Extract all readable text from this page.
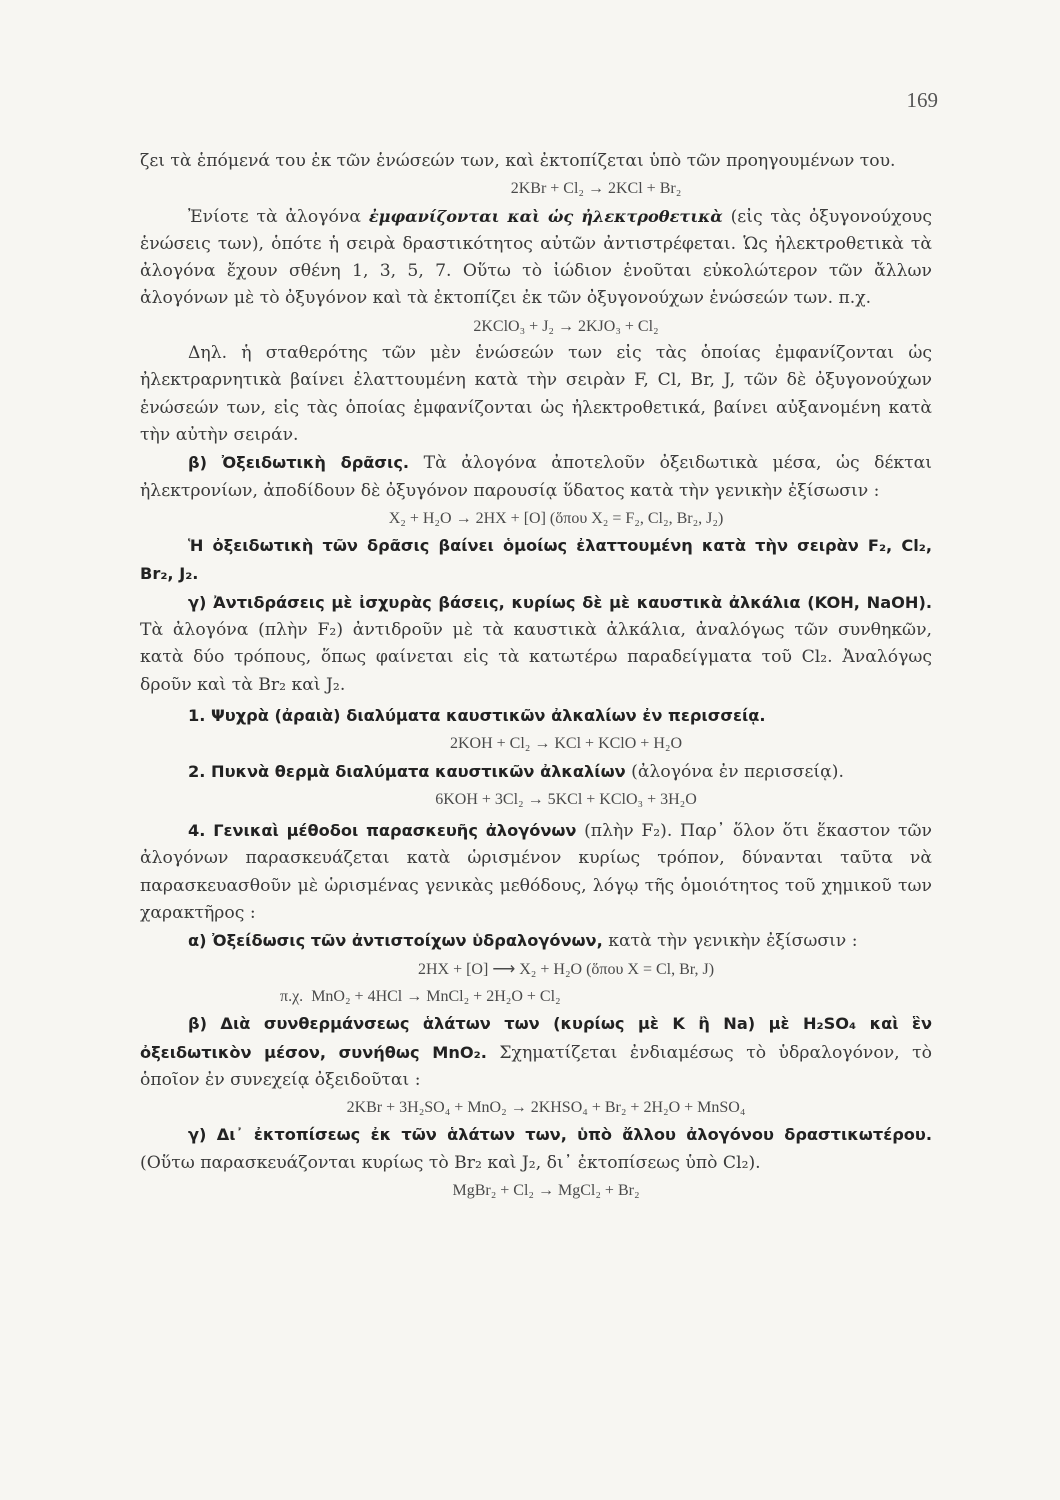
169

ζει τὰ ἑπόμενά του ἐκ τῶν ἑνώσεών των, καὶ ἐκτοπίζεται ὑπὸ τῶν προηγουμένων του.

2KBr + Cl₂ → 2KCl + Br₂

Ἐνίοτε τὰ ἀλογόνα ἐμφανίζονται καὶ ὡς ἠλεκτροθετικὰ (εἰς τὰς ὀξυγονούχους ἑνώσεις των), ὁπότε ἡ σειρὰ δραστικότητος αὐτῶν ἀντιστρέφεται. Ὡς ἠλεκτροθετικὰ τὰ ἀλογόνα ἔχουν σθένη 1, 3, 5, 7. Οὕτω τὸ ἰώδιον ἑνοῦται εὐκολώτερον τῶν ἄλλων ἀλογόνων μὲ τὸ ὀξυγόνον καὶ τὰ ἐκτοπίζει ἐκ τῶν ὀξυγονούχων ἑνώσεών των. π.χ.

2KClO₃ + J₂ → 2KJO₃ + Cl₂

Δηλ. ἡ σταθερότης τῶν μὲν ἑνώσεών των εἰς τὰς ὁποίας ἐμφανίζονται ὡς ἠλεκτραρνητικὰ βαίνει ἐλαττουμένη κατὰ τὴν σειρὰν F, Cl, Br, J, τῶν δὲ ὀξυγονούχων ἑνώσεών των, εἰς τὰς ὁποίας ἐμφανίζονται ὡς ἠλεκτροθετικά, βαίνει αὐξανομένη κατὰ τὴν αὐτὴν σειράν.

β) Ὀξειδωτικὴ δρᾶσις. Τὰ ἀλογόνα ἀποτελοῦν ὀξειδωτικὰ μέσα, ὡς δέκται ἠλεκτρονίων, ἀποδίδουν δὲ ὀξυγόνον παρουσίᾳ ὕδατος κατὰ τὴν γενικὴν ἐξίσωσιν :

X₂ + H₂O → 2HX + [O] (ὅπου X₂ = F₂, Cl₂, Br₂, J₂)

Ἡ ὀξειδωτικὴ τῶν δρᾶσις βαίνει ὁμοίως ἐλαττουμένη κατὰ τὴν σειρὰν F₂, Cl₂, Br₂, J₂.

γ) Ἀντιδράσεις μὲ ἰσχυρὰς βάσεις, κυρίως δὲ μὲ καυστικὰ ἀλκάλια (KOH, NaOH). Τὰ ἀλογόνα (πλὴν F₂) ἀντιδροῦν μὲ τὰ καυστικὰ ἀλκάλια, ἀναλόγως τῶν συνθηκῶν, κατὰ δύο τρόπους, ὅπως φαίνεται εἰς τὰ κατωτέρω παραδείγματα τοῦ Cl₂. Ἀναλόγως δροῦν καὶ τὰ Br₂ καὶ J₂.

1. Ψυχρὰ (ἀραιὰ) διαλύματα καυστικῶν ἀλκαλίων ἐν περισσείᾳ.

2KOH + Cl₂ → KCl + KClO + H₂O

2. Πυκνὰ θερμὰ διαλύματα καυστικῶν ἀλκαλίων (ἀλογόνα ἐν περισσείᾳ).

6KOH + 3Cl₂ → 5KCl + KClO₃ + 3H₂O

4. Γενικαὶ μέθοδοι παρασκευῆς ἀλογόνων (πλὴν F₂). Παρ᾽ ὅλον ὅτι ἕκαστον τῶν ἀλογόνων παρασκευάζεται κατὰ ὡρισμένον κυρίως τρόπον, δύνανται ταῦτα νὰ παρασκευασθοῦν μὲ ὡρισμένας γενικὰς μεθόδους, λόγῳ τῆς ὁμοιότητος τοῦ χημικοῦ των χαρακτῆρος :

α) Ὀξείδωσις τῶν ἀντιστοίχων ὑδραλογόνων, κατὰ τὴν γενικὴν ἐξίσωσιν :

2HX + [O] ⟶ X₂ + H₂O (ὅπου X = Cl, Br, J)
π.χ. MnO₂ + 4HCl → MnCl₂ + 2H₂O + Cl₂

β) Διὰ συνθερμάνσεως ἁλάτων των (κυρίως μὲ K ἢ Na) μὲ H₂SO₄ καὶ ἓν ὀξειδωτικὸν μέσον, συνήθως MnO₂. Σχηματίζεται ἐνδιαμέσως τὸ ὑδραλογόνον, τὸ ὁποῖον ἐν συνεχείᾳ ὀξειδοῦται :

2KBr + 3H₂SO₄ + MnO₂ → 2KHSO₄ + Br₂ + 2H₂O + MnSO₄

γ) Δι᾽ ἐκτοπίσεως ἐκ τῶν ἁλάτων των, ὑπὸ ἄλλου ἀλογόνου δραστικωτέρου. (Οὕτω παρασκευάζονται κυρίως τὸ Br₂ καὶ J₂, δι᾽ ἐκτοπίσεως ὑπὸ Cl₂).

MgBr₂ + Cl₂ → MgCl₂ + Br₂
